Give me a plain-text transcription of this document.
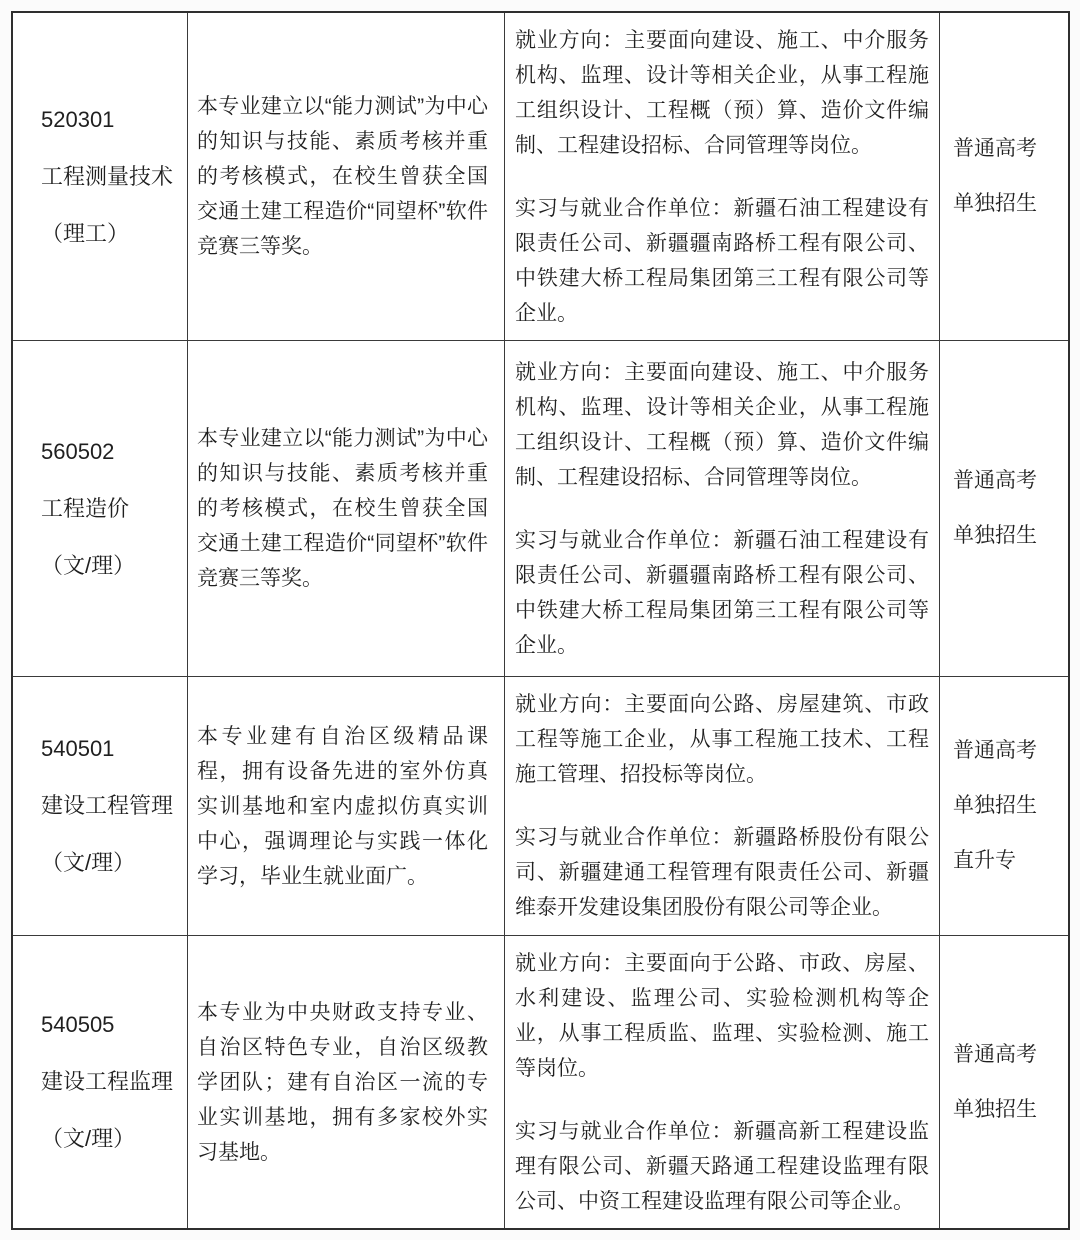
520301
工程测量技术
（理工）

本专业建立以“能力测试”为中心的知识与技能、素质考核并重的考核模式，在校生曾获全国交通土建工程造价“同望杯”软件竞赛三等奖。

就业方向：主要面向建设、施工、中介服务机构、监理、设计等相关企业，从事工程施工组织设计、工程概（预）算、造价文件编制、工程建设招标、合同管理等岗位。

实习与就业合作单位：新疆石油工程建设有限责任公司、新疆疆南路桥工程有限公司、中铁建大桥工程局集团第三工程有限公司等企业。

普通高考
单独招生
560502
工程造价
（文/理）

本专业建立以“能力测试”为中心的知识与技能、素质考核并重的考核模式，在校生曾获全国交通土建工程造价“同望杯”软件竞赛三等奖。

就业方向：主要面向建设、施工、中介服务机构、监理、设计等相关企业，从事工程施工组织设计、工程概（预）算、造价文件编制、工程建设招标、合同管理等岗位。

实习与就业合作单位：新疆石油工程建设有限责任公司、新疆疆南路桥工程有限公司、中铁建大桥工程局集团第三工程有限公司等企业。

普通高考
单独招生
540501
建设工程管理
（文/理）

本专业建有自治区级精品课程，拥有设备先进的室外仿真实训基地和室内虚拟仿真实训中心，强调理论与实践一体化学习，毕业生就业面广。

就业方向：主要面向公路、房屋建筑、市政工程等施工企业，从事工程施工技术、工程施工管理、招投标等岗位。

实习与就业合作单位：新疆路桥股份有限公司、新疆建通工程管理有限责任公司、新疆维泰开发建设集团股份有限公司等企业。

普通高考
单独招生
直升专
540505
建设工程监理
（文/理）

本专业为中央财政支持专业、自治区特色专业，自治区级教学团队；建有自治区一流的专业实训基地，拥有多家校外实习基地。

就业方向：主要面向于公路、市政、房屋、水利建设、监理公司、实验检测机构等企业，从事工程质监、监理、实验检测、施工等岗位。

实习与就业合作单位：新疆高新工程建设监理有限公司、新疆天路通工程建设监理有限公司、中资工程建设监理有限公司等企业。

普通高考
单独招生
